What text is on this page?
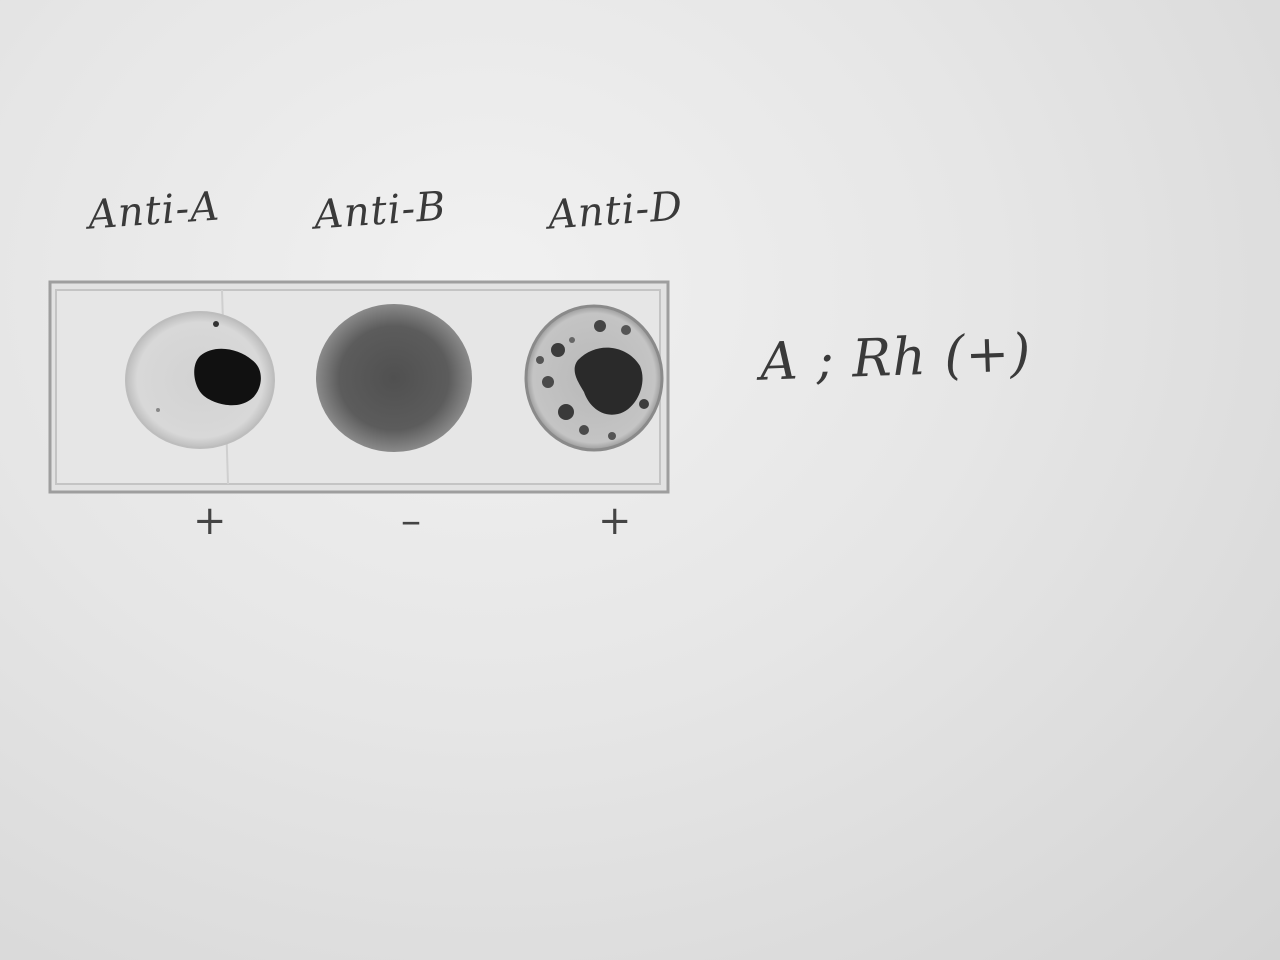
Anti-A Anti-B Anti-D
+	–	+
A ; Rh (+)
